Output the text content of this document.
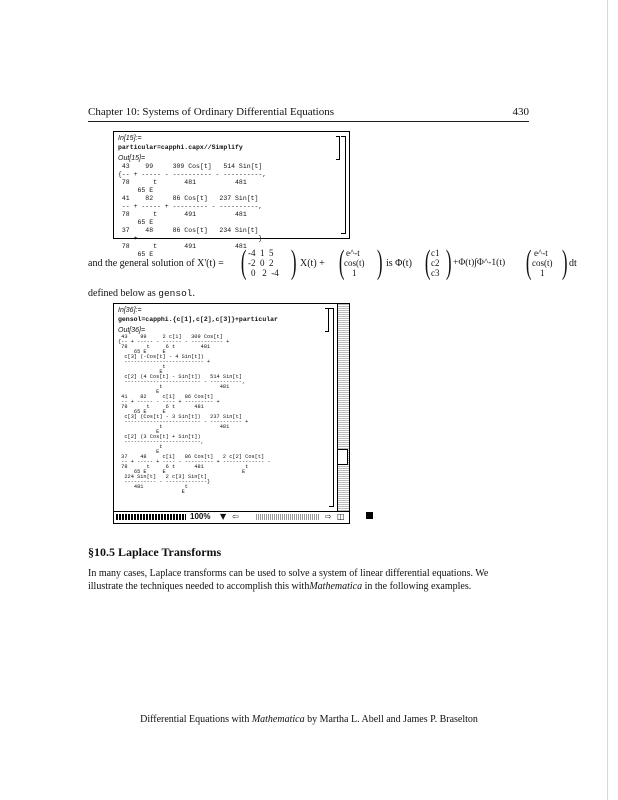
Chapter 10: Systems of Ordinary Differential Equations	430
In[15]:=
particular=capphi.capx//Simplify
Out[15]=
43    99     309 Cos[t]   514 Sin[t]
{-- + ----- - ---------- - ----------,
78      t       481          481
65 E
41    82     86 Cos[t]   237 Sin[t]
-- + ----- + --------- - ----------,
78      t       491          481
65 E
37    48     86 Cos[t]   234 Sin[t]
-- + ----- - --------- - ----------}
78      t       491          481
65 E
and the general solution of X'(t) = ( -4 1 5
-2 0 2
0 2 -4 ) X(t) + ( e^-t
cos(t)
1 ) is Φ(t) ( c1
c2
c3 ) +Φ(t)∫Φ^-1(t) ( e^-t
cos(t)
1 ) dt
defined below as gensol.
In[36]:=
gensol=capphi.{c[1],c[2],c[3]}+particular
Out[36]=
43    99     2 c[1]   309 Cos[t]
{-- + ----- - ------ - ---------- +
78      t     6 t        481
65 E     E
c[3] (-Cos[t] - 4 Sin[t])
------------------------- +
t
E
c[2] (4 Cos[t] - Sin[t])   514 Sin[t]
------------------------ - ----------,
t                  481
E
41    82     c[1]   86 Cos[t]
-- + ----- - ---- + --------- +
78      t     6 t      481
65 E     E
c[3] (Cos[t] - 3 Sin[t])   237 Sin[t]
------------------------ - ---------- +
t                  481
E
c[2] (3 Cos[t] + Sin[t])
------------------------,
t
E
37    48     c[1]   86 Cos[t]   2 c[2] Cos[t]
-- + ----- + ---- - --------- + ------------- -
78      t     6 t      481             t
65 E     E                        E
224 Sin[t]   2 c[3] Sin[t]
---------- - -------------}
481             t
E
100% ▼ ⇦	⇨ ◫
§10.5 Laplace Transforms
In many cases, Laplace transforms can be used to solve a system of linear differential equations. We
illustrate the techniques needed to accomplish this withMathematica in the following examples.
Differential Equations with Mathematica by Martha L. Abell and James P. Braselton
